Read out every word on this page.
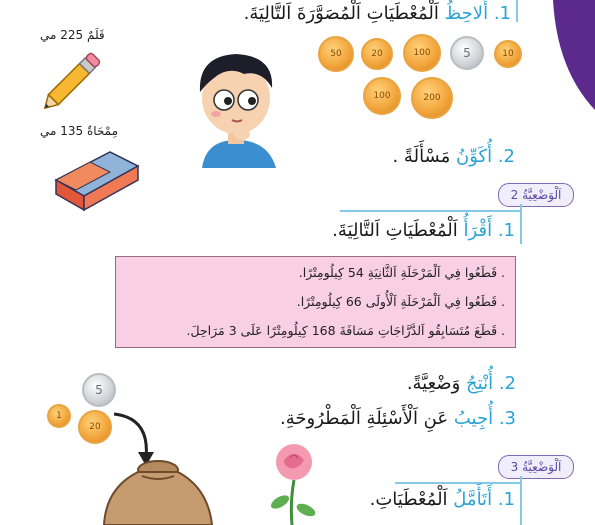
1. أُلاحِظُ اَلْمُعْطَيَاتِ اَلْمُصَوَّرَةَ اَلتَّالِيَةَ.
قَلَمٌ 225 مي
مِمْحَاةٌ 135 مي
50	20	100	5	10
100	200
2. أُكَوِّنُ مَسْأَلَةً .
اَلْوَضْعِيَّةُ 2
1. أَقْرَأُ اَلْمُعْطَيَاتِ اَلتَّالِيَةَ.
. قَطَعُوا فِي اَلْمَرْحَلَةِ اَلثَّانِيَةِ 54 كِيلُومِتْرًا.
. قَطَعُوا فِي اَلْمَرْحَلَةِ اَلْأُولَى 66 كِيلُومِتْرًا.
. قَطَعَ مُتَسَابِقُو اَلدَّرَّاجَاتِ مَسَافَةَ 168 كِيلُومِتْرًا عَلَى 3 مَرَاحِلَ.
5
1
20
2. أُنْتِجُ وَضْعِيَّةً.
3. أُجِيبُ عَنِ اَلْأَسْئِلَةِ اَلْمَطْرُوحَةِ.
اَلْوَضْعِيَّةُ 3
1. أَتَأَمَّلُ اَلْمُعْطَيَاتِ.
